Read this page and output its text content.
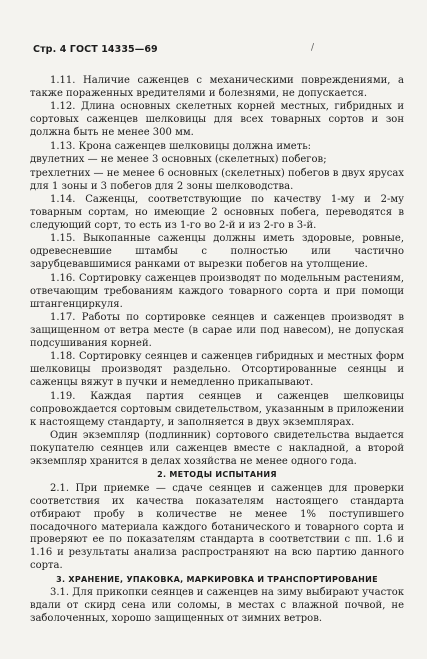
Стр. 4 ГОСТ 14335—69	/

1.11. Наличие саженцев с механическими повреждениями, а также пораженных вредителями и болезнями, не допускается.

1.12. Длина основных скелетных корней местных, гибридных и сортовых саженцев шелковицы для всех товарных сортов и зон должна быть не менее 300 мм.

1.13. Крона саженцев шелковицы должна иметь:

двулетних — не менее 3 основных (скелетных) побегов;

трехлетних — не менее 6 основных (скелетных) побегов в двух ярусах для 1 зоны и 3 побегов для 2 зоны шелководства.

1.14. Саженцы, соответствующие по качеству 1-му и 2-му товарным сортам, но имеющие 2 основных побега, переводятся в следующий сорт, то есть из 1-го во 2-й и из 2-го в 3-й.

1.15. Выкопанные саженцы должны иметь здоровые, ровные, одревесневшие штамбы с полностью или частично зарубцевавшимися ранками от вырезки побегов на утолщение.

1.16. Сортировку саженцев производят по модельным растениям, отвечающим требованиям каждого товарного сорта и при помощи штангенциркуля.

1.17. Работы по сортировке сеянцев и саженцев производят в защищенном от ветра месте (в сарае или под навесом), не допуская подсушивания корней.

1.18. Сортировку сеянцев и саженцев гибридных и местных форм шелковицы производят раздельно. Отсортированные сеянцы и саженцы вяжут в пучки и немедленно прикапывают.

1.19. Каждая партия сеянцев и саженцев шелковицы сопровождается сортовым свидетельством, указанным в приложении к настоящему стандарту, и заполняется в двух экземплярах.

Один экземпляр (подлинник) сортового свидетельства выдается покупателю сеянцев или саженцев вместе с накладной, а второй экземпляр хранится в делах хозяйства не менее одного года.

2. МЕТОДЫ ИСПЫТАНИЯ

2.1. При приемке — сдаче сеянцев и саженцев для проверки соответствия их качества показателям настоящего стандарта отбирают пробу в количестве не менее 1% поступившего посадочного материала каждого ботанического и товарного сорта и проверяют ее по показателям стандарта в соответствии с пп. 1.6 и 1.16 и результаты анализа распространяют на всю партию данного сорта.

3. ХРАНЕНИЕ, УПАКОВКА, МАРКИРОВКА И ТРАНСПОРТИРОВАНИЕ

3.1. Для прикопки сеянцев и саженцев на зиму выбирают участок вдали от скирд сена или соломы, в местах с влажной почвой, не заболоченных, хорошо защищенных от зимних ветров.
